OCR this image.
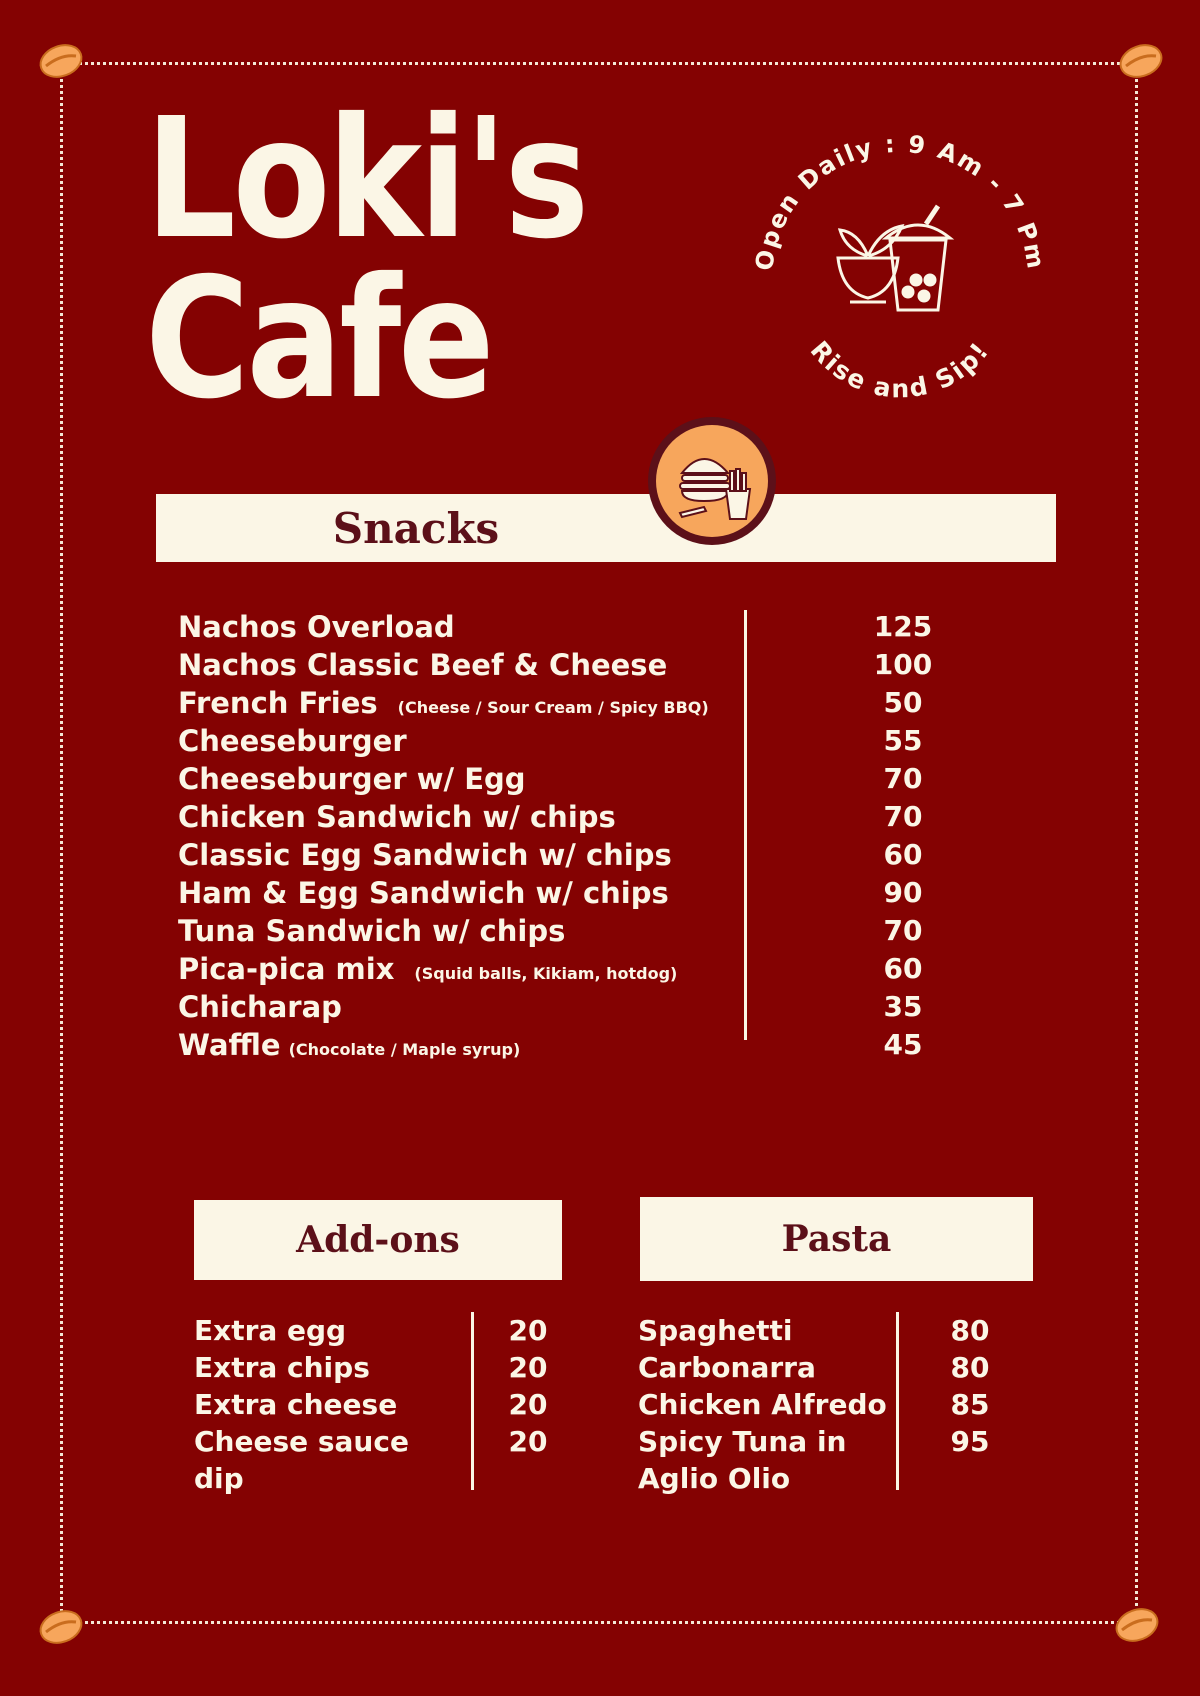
Loki's
Cafe	Open Daily : 9 Am - 7 Pm
Rise and Sip!
Snacks
Nachos Overload
Nachos Classic Beef & Cheese
French Fries (Cheese / Sour Cream / Spicy BBQ)
Cheeseburger
Cheeseburger w/ Egg
Chicken Sandwich w/ chips
Classic Egg Sandwich w/ chips
Ham & Egg Sandwich w/ chips
Tuna Sandwich w/ chips
Pica-pica mix (Squid balls, Kikiam, hotdog)
Chicharap
Waffle (Chocolate / Maple syrup)
125
100
50
55
70
70
60
90
70
60
35
45
Add-ons
Extra egg
Extra chips
Extra cheese
Cheese sauce
dip
20
20
20
20
Pasta
Spaghetti
Carbonarra
Chicken Alfredo
Spicy Tuna in
Aglio Olio
80
80
85
95
